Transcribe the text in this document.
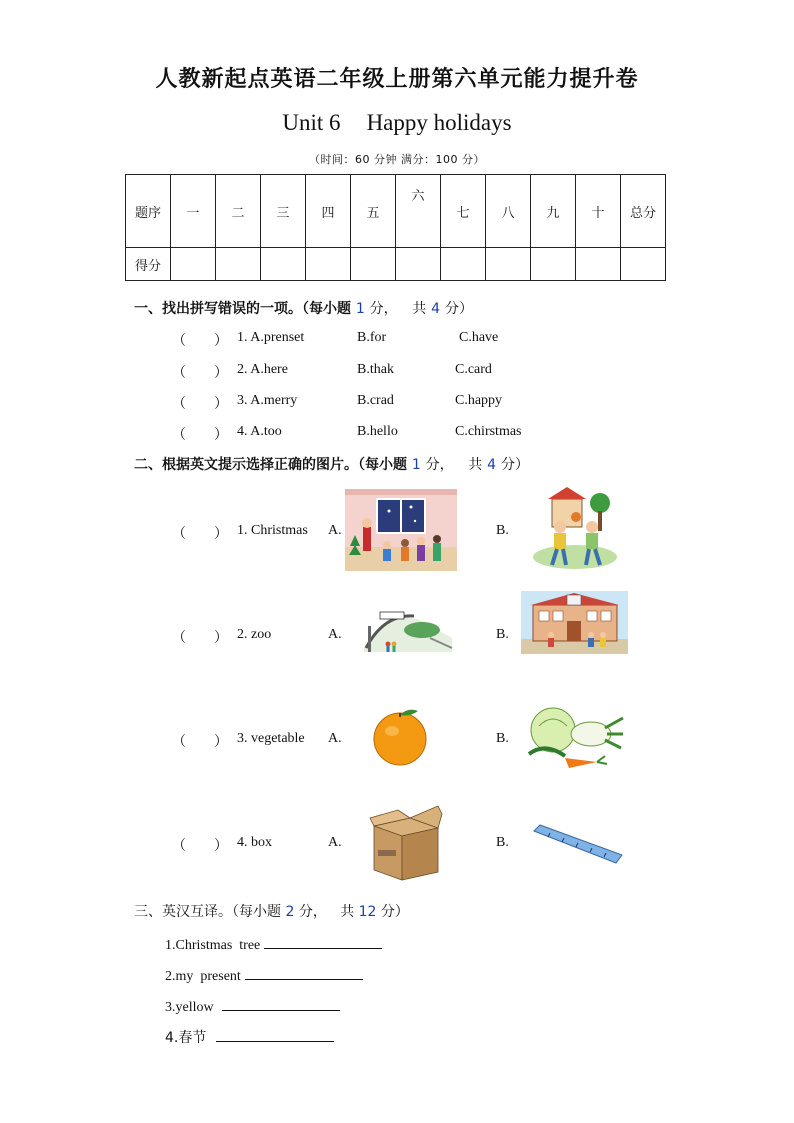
人教新起点英语二年级上册第六单元能力提升卷
Unit 6 Happy holidays
（时间：60 分钟 满分：100 分）
题序	一	二	三	四	五	六	七	八	九	十	总分
得分											
一、找出拼写错误的一项。（每小题 1 分， 共 4 分）
（ ） 1. A.prenset	B.for	C.have
（ ） 2. A.here	B.thak	C.card
（ ） 3. A.merry	B.crad	C.happy
（ ） 4. A.too	B.hello	C.chirstmas
二、根据英文提示选择正确的图片。（每小题 1 分， 共 4 分）
（ ） 1. Christmas A.	B.
（ ） 2. zoo	A.	B.
（ ） 3. vegetable A.	B.
（ ） 4. box	A.	B.
三、英汉互译。（每小题 2 分， 共 12 分）
1.Christmas  tree
2.my  present
3.yellow
4.春节
